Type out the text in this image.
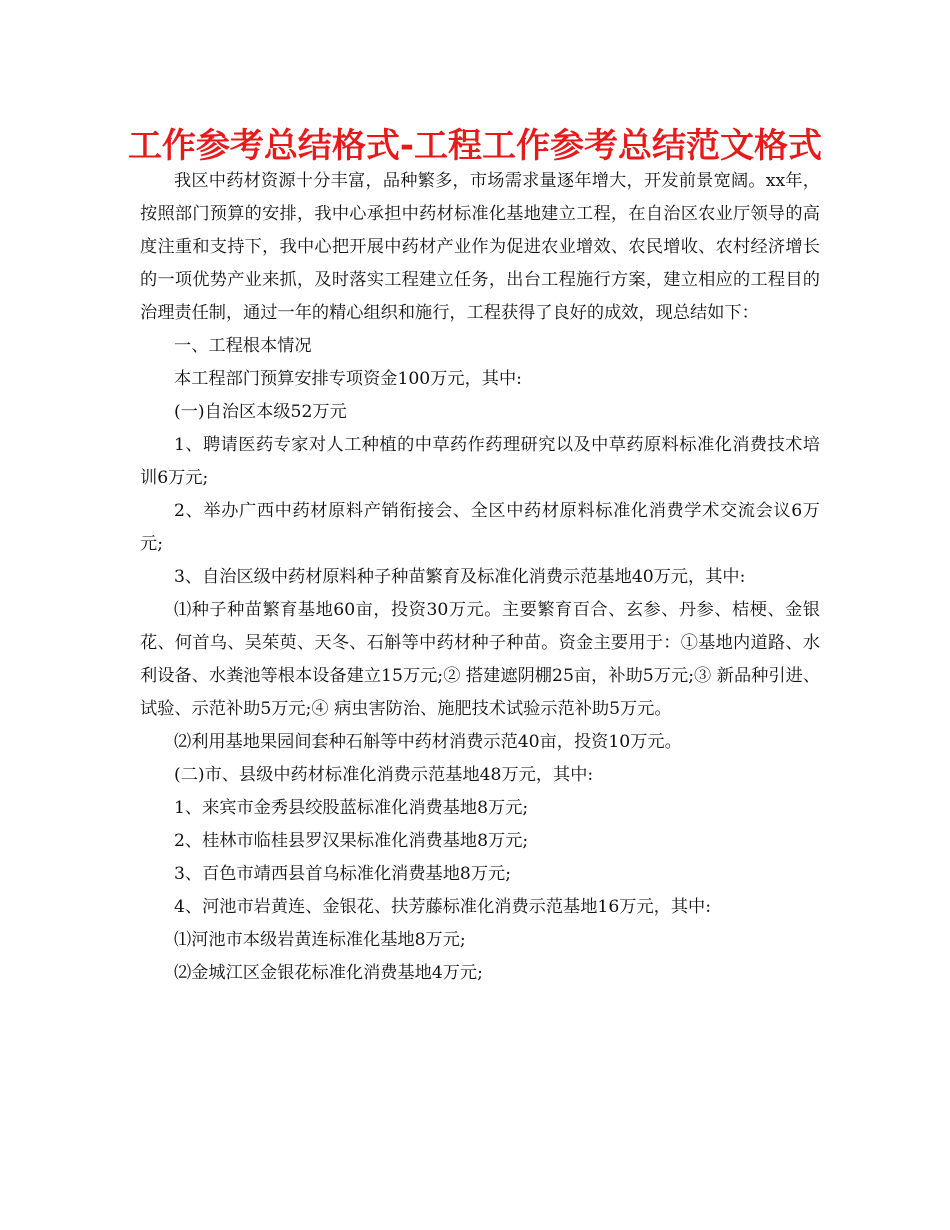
工作参考总结格式-工程工作参考总结范文格式

我区中药材资源十分丰富，品种繁多，市场需求量逐年增大，开发前景宽阔。xx年，按照部门预算的安排，我中心承担中药材标准化基地建立工程，在自治区农业厅领导的高度注重和支持下，我中心把开展中药材产业作为促进农业增效、农民增收、农村经济增长的一项优势产业来抓，及时落实工程建立任务，出台工程施行方案，建立相应的工程目的治理责任制，通过一年的精心组织和施行，工程获得了良好的成效，现总结如下：

一、工程根本情况

本工程部门预算安排专项资金100万元，其中:

(一)自治区本级52万元

1、聘请医药专家对人工种植的中草药作药理研究以及中草药原料标准化消费技术培训6万元;

2、举办广西中药材原料产销衔接会、全区中药材原料标准化消费学术交流会议6万元;

3、自治区级中药材原料种子种苗繁育及标准化消费示范基地40万元，其中:

⑴种子种苗繁育基地60亩，投资30万元。主要繁育百合、玄参、丹参、桔梗、金银花、何首乌、吴茱萸、天冬、石斛等中药材种子种苗。资金主要用于：①基地内道路、水利设备、水粪池等根本设备建立15万元;② 搭建遮阴棚25亩，补助5万元;③ 新品种引进、试验、示范补助5万元;④ 病虫害防治、施肥技术试验示范补助5万元。

⑵利用基地果园间套种石斛等中药材消费示范40亩，投资10万元。

(二)市、县级中药材标准化消费示范基地48万元，其中:

1、来宾市金秀县绞股蓝标准化消费基地8万元;

2、桂林市临桂县罗汉果标准化消费基地8万元;

3、百色市靖西县首乌标准化消费基地8万元;

4、河池市岩黄连、金银花、扶芳藤标准化消费示范基地16万元，其中:

⑴河池市本级岩黄连标准化基地8万元;

⑵金城江区金银花标准化消费基地4万元;
